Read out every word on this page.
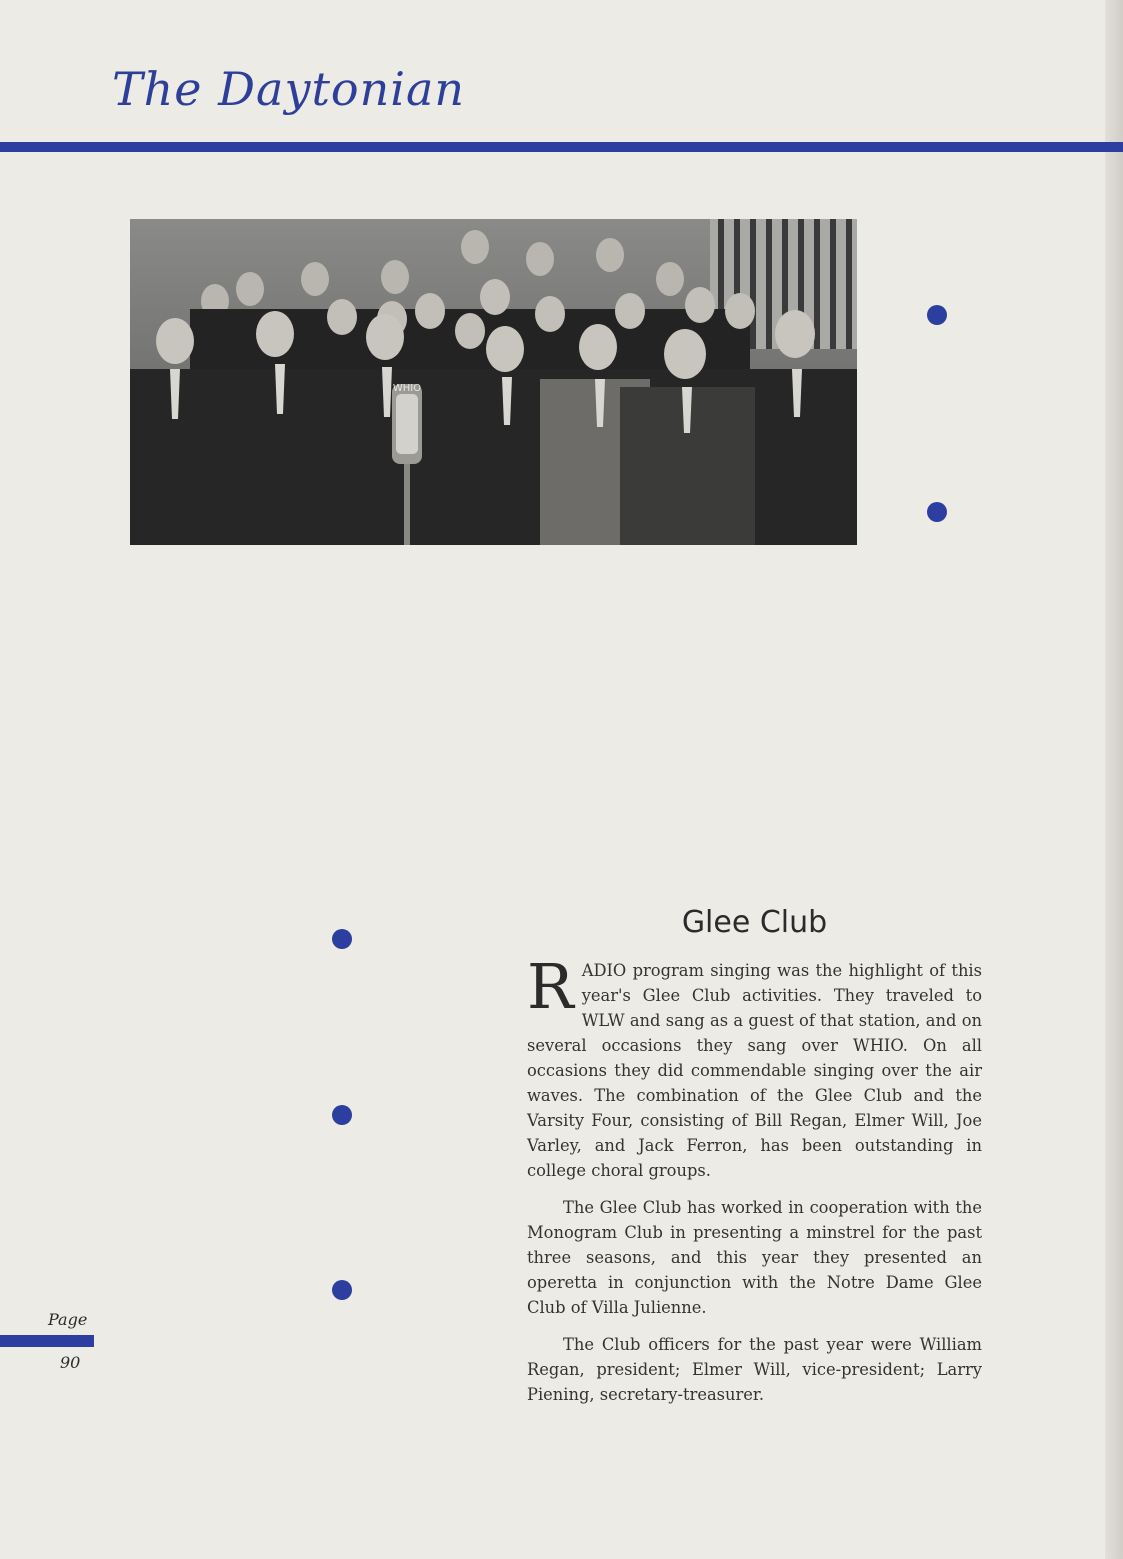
The Daytonian
WHIO
Glee Club

RADIO program singing was the highlight of this year's Glee Club activities. They traveled to WLW and sang as a guest of that station, and on several occasions they sang over WHIO. On all occasions they did commendable singing over the air waves. The combination of the Glee Club and the Varsity Four, consisting of Bill Regan, Elmer Will, Joe Varley, and Jack Ferron, has been outstanding in college choral groups.

The Glee Club has worked in cooperation with the Monogram Club in presenting a minstrel for the past three seasons, and this year they presented an operetta in conjunction with the Notre Dame Glee Club of Villa Julienne.

The Club officers for the past year were William Regan, president; Elmer Will, vice-president; Larry Piening, secretary-treasurer.

Page
90
